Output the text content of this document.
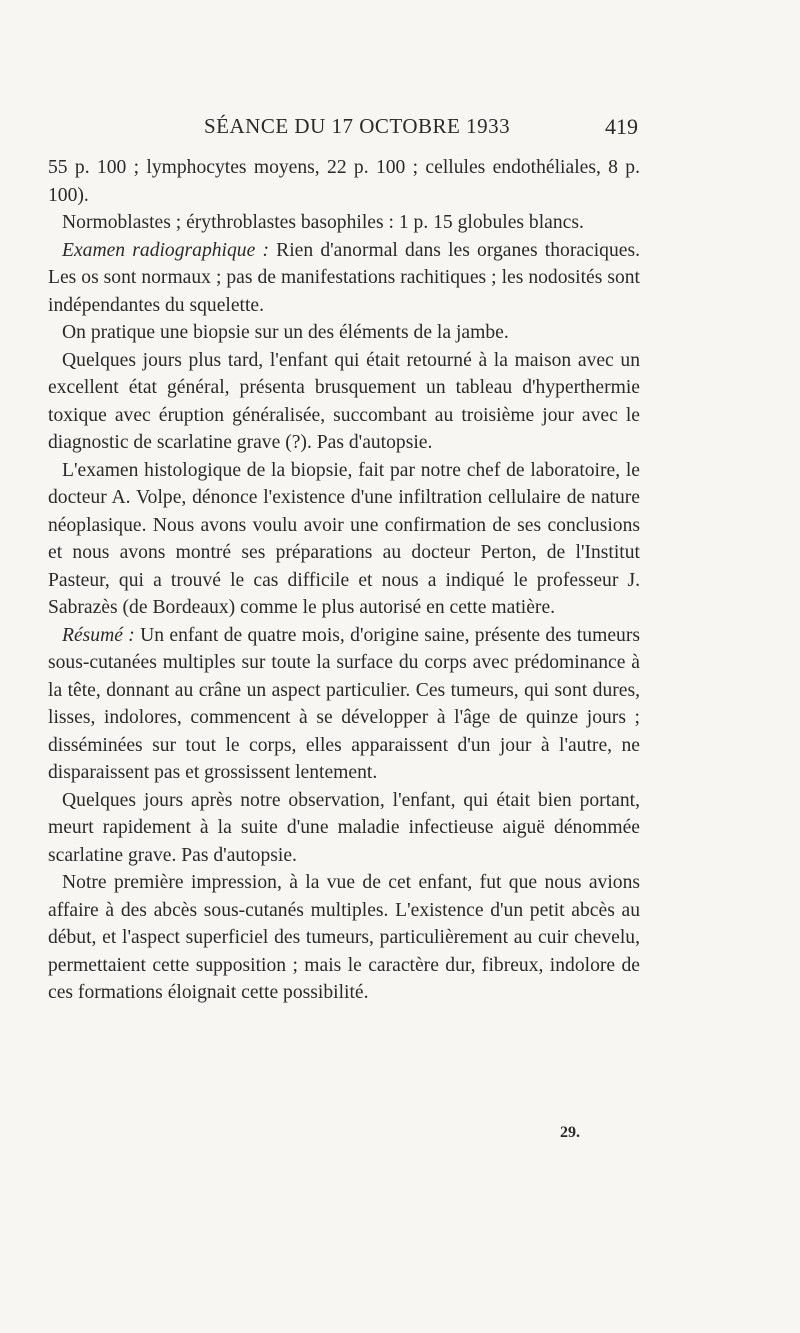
SÉANCE DU 17 OCTOBRE 1933	419

55 p. 100 ; lymphocytes moyens, 22 p. 100 ; cellules endothéliales, 8 p. 100).

Normoblastes ; érythroblastes basophiles : 1 p. 15 globules blancs.

Examen radiographique : Rien d'anormal dans les organes thoraciques. Les os sont normaux ; pas de manifestations rachitiques ; les nodosités sont indépendantes du squelette.

On pratique une biopsie sur un des éléments de la jambe.

Quelques jours plus tard, l'enfant qui était retourné à la maison avec un excellent état général, présenta brusquement un tableau d'hyperthermie toxique avec éruption généralisée, succombant au troisième jour avec le diagnostic de scarlatine grave (?). Pas d'autopsie.

L'examen histologique de la biopsie, fait par notre chef de laboratoire, le docteur A. Volpe, dénonce l'existence d'une infiltration cellulaire de nature néoplasique. Nous avons voulu avoir une confirmation de ses conclusions et nous avons montré ses préparations au docteur Perton, de l'Institut Pasteur, qui a trouvé le cas difficile et nous a indiqué le professeur J. Sabrazès (de Bordeaux) comme le plus autorisé en cette matière.

Résumé : Un enfant de quatre mois, d'origine saine, présente des tumeurs sous-cutanées multiples sur toute la surface du corps avec prédominance à la tête, donnant au crâne un aspect particulier. Ces tumeurs, qui sont dures, lisses, indolores, commencent à se développer à l'âge de quinze jours ; disséminées sur tout le corps, elles apparaissent d'un jour à l'autre, ne disparaissent pas et grossissent lentement.

Quelques jours après notre observation, l'enfant, qui était bien portant, meurt rapidement à la suite d'une maladie infectieuse aiguë dénommée scarlatine grave. Pas d'autopsie.

Notre première impression, à la vue de cet enfant, fut que nous avions affaire à des abcès sous-cutanés multiples. L'existence d'un petit abcès au début, et l'aspect superficiel des tumeurs, particulièrement au cuir chevelu, permettaient cette supposition ; mais le caractère dur, fibreux, indolore de ces formations éloignait cette possibilité.

29.
